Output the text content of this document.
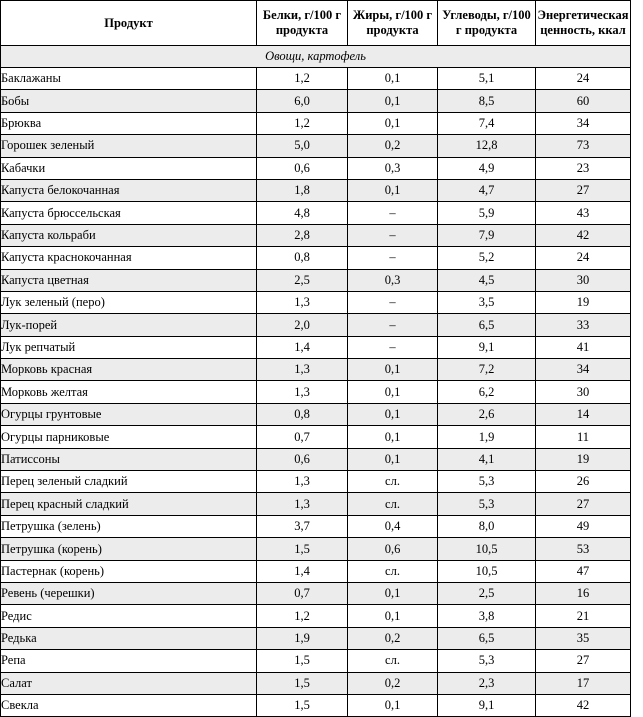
Продукт	Белки, г/100 г продукта	Жиры, г/100 г продукта	Углеводы, г/100 г продукта	Энергетическая ценность, ккал
Овощи, картофель				
Баклажаны	1,2	0,1	5,1	24
Бобы	6,0	0,1	8,5	60
Брюква	1,2	0,1	7,4	34
Горошек зеленый	5,0	0,2	12,8	73
Кабачки	0,6	0,3	4,9	23
Капуста белокочанная	1,8	0,1	4,7	27
Капуста брюссельская	4,8	–	5,9	43
Капуста кольраби	2,8	–	7,9	42
Капуста краснокочанная	0,8	–	5,2	24
Капуста цветная	2,5	0,3	4,5	30
Лук зеленый (перо)	1,3	–	3,5	19
Лук-порей	2,0	–	6,5	33
Лук репчатый	1,4	–	9,1	41
Морковь красная	1,3	0,1	7,2	34
Морковь желтая	1,3	0,1	6,2	30
Огурцы грунтовые	0,8	0,1	2,6	14
Огурцы парниковые	0,7	0,1	1,9	11
Патиссоны	0,6	0,1	4,1	19
Перец зеленый сладкий	1,3	сл.	5,3	26
Перец красный сладкий	1,3	сл.	5,3	27
Петрушка (зелень)	3,7	0,4	8,0	49
Петрушка (корень)	1,5	0,6	10,5	53
Пастернак (корень)	1,4	сл.	10,5	47
Ревень (черешки)	0,7	0,1	2,5	16
Редис	1,2	0,1	3,8	21
Редька	1,9	0,2	6,5	35
Репа	1,5	сл.	5,3	27
Салат	1,5	0,2	2,3	17
Свекла	1,5	0,1	9,1	42
